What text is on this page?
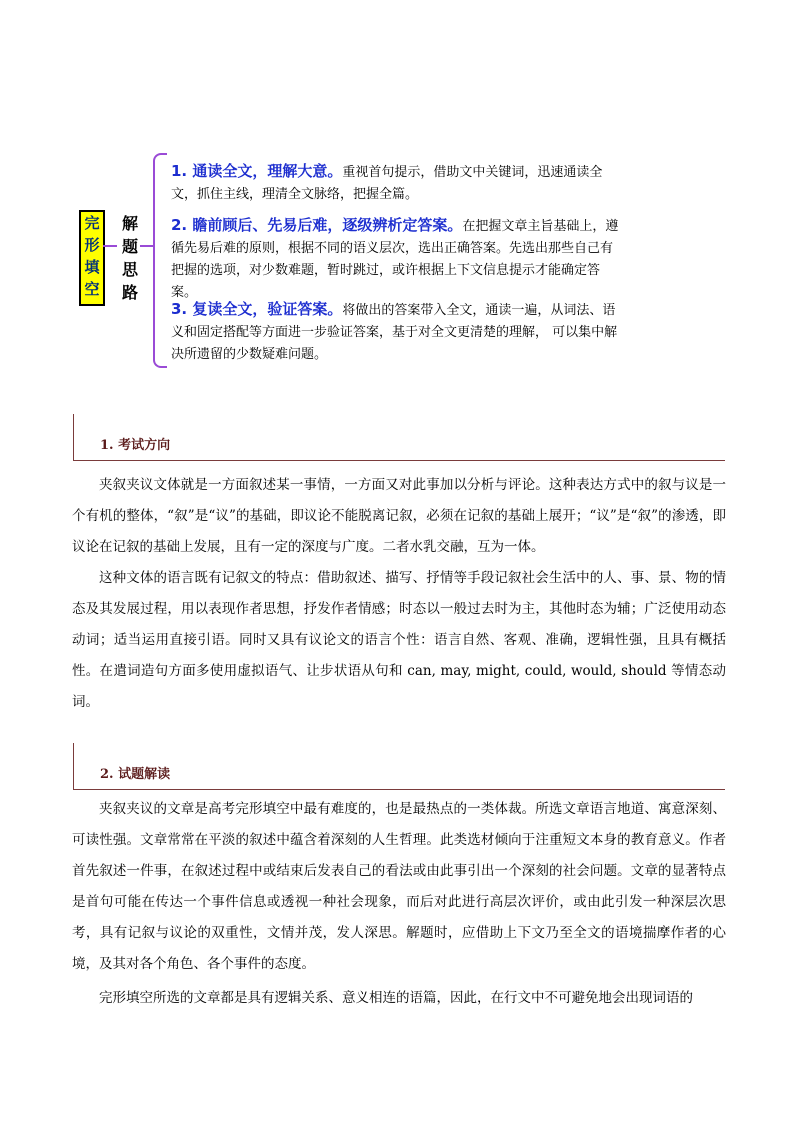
完
形
填
空
解
题
思
路
1. 通读全文，理解大意。重视首句提示，借助文中关键词，迅速通读全文，抓住主线，理清全文脉络，把握全篇。
2. 瞻前顾后、先易后难，逐级辨析定答案。在把握文章主旨基础上，遵循先易后难的原则，根据不同的语义层次，选出正确答案。先选出那些自己有把握的选项，对少数难题，暂时跳过，或许根据上下文信息提示才能确定答案。
3. 复读全文，验证答案。将做出的答案带入全文，通读一遍，从词法、语义和固定搭配等方面进一步验证答案，基于对全文更清楚的理解， 可以集中解决所遗留的少数疑难问题。
1. 考试方向
夹叙夹议文体就是一方面叙述某一事情，一方面又对此事加以分析与评论。这种表达方式中的叙与议是一个有机的整体，“叙”是“议”的基础，即议论不能脱离记叙，必须在记叙的基础上展开；“议”是“叙”的渗透，即议论在记叙的基础上发展，且有一定的深度与广度。二者水乳交融，互为一体。
这种文体的语言既有记叙文的特点：借助叙述、描写、抒情等手段记叙社会生活中的人、事、景、物的情态及其发展过程，用以表现作者思想，抒发作者情感；时态以一般过去时为主，其他时态为辅；广泛使用动态动词；适当运用直接引语。同时又具有议论文的语言个性：语言自然、客观、准确，逻辑性强，且具有概括性。在遣词造句方面多使用虚拟语气、让步状语从句和 can, may, might, could, would, should 等情态动词。
2. 试题解读
夹叙夹议的文章是高考完形填空中最有难度的，也是最热点的一类体裁。所选文章语言地道、寓意深刻、可读性强。文章常常在平淡的叙述中蕴含着深刻的人生哲理。此类选材倾向于注重短文本身的教育意义。作者首先叙述一件事，在叙述过程中或结束后发表自己的看法或由此事引出一个深刻的社会问题。文章的显著特点是首句可能在传达一个事件信息或透视一种社会现象，而后对此进行高层次评价，或由此引发一种深层次思考，具有记叙与议论的双重性，文情并茂，发人深思。解题时，应借助上下文乃至全文的语境揣摩作者的心境，及其对各个角色、各个事件的态度。
完形填空所选的文章都是具有逻辑关系、意义相连的语篇，因此，在行文中不可避免地会出现词语的
